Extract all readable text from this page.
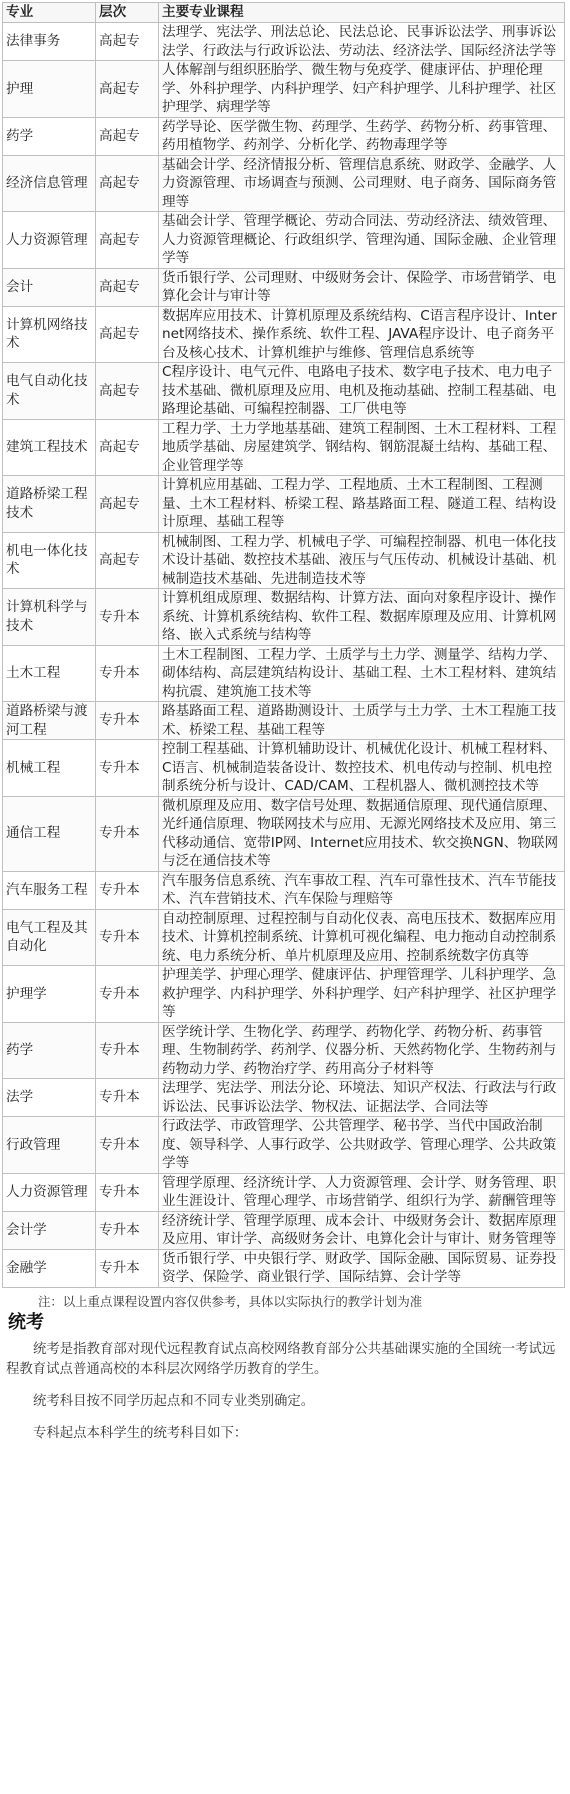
专业	层次	主要专业课程
法律事务	高起专	法理学、宪法学、刑法总论、民法总论、民事诉讼法学、刑事诉讼法学、行政法与行政诉讼法、劳动法、经济法学、国际经济法学等
护理	高起专	人体解剖与组织胚胎学、微生物与免疫学、健康评估、护理伦理学、外科护理学、内科护理学、妇产科护理学、儿科护理学、社区护理学、病理学等
药学	高起专	药学导论、医学微生物、药理学、生药学、药物分析、药事管理、药用植物学、药剂学、分析化学、药物毒理学等
经济信息管理	高起专	基础会计学、经济情报分析、管理信息系统、财政学、金融学、人力资源管理、市场调查与预测、公司理财、电子商务、国际商务管理等
人力资源管理	高起专	基础会计学、管理学概论、劳动合同法、劳动经济法、绩效管理、人力资源管理概论、行政组织学、管理沟通、国际金融、企业管理学等
会计	高起专	货币银行学、公司理财、中级财务会计、保险学、市场营销学、电算化会计与审计等
计算机网络技术	高起专	数据库应用技术、计算机原理及系统结构、C语言程序设计、Internet网络技术、操作系统、软件工程、JAVA程序设计、电子商务平台及核心技术、计算机维护与维修、管理信息系统等
电气自动化技术	高起专	C程序设计、电气元件、电路电子技术、数字电子技术、电力电子技术基础、微机原理及应用、电机及拖动基础、控制工程基础、电路理论基础、可编程控制器、工厂供电等
建筑工程技术	高起专	工程力学、土力学地基基础、建筑工程制图、土木工程材料、工程地质学基础、房屋建筑学、钢结构、钢筋混凝土结构、基础工程、企业管理学等
道路桥梁工程技术	高起专	计算机应用基础、工程力学、工程地质、土木工程制图、工程测量、土木工程材料、桥梁工程、路基路面工程、隧道工程、结构设计原理、基础工程等
机电一体化技术	高起专	机械制图、工程力学、机械电子学、可编程控制器、机电一体化技术设计基础、数控技术基础、液压与气压传动、机械设计基础、机械制造技术基础、先进制造技术等
计算机科学与技术	专升本	计算机组成原理、数据结构、计算方法、面向对象程序设计、操作系统、计算机系统结构、软件工程、数据库原理及应用、计算机网络、嵌入式系统与结构等
土木工程	专升本	土木工程制图、工程力学、土质学与土力学、测量学、结构力学、砌体结构、高层建筑结构设计、基础工程、土木工程材料、建筑结构抗震、建筑施工技术等
道路桥梁与渡河工程	专升本	路基路面工程、道路勘测设计、土质学与土力学、土木工程施工技术、桥梁工程、基础工程等
机械工程	专升本	控制工程基础、计算机辅助设计、机械优化设计、机械工程材料、C语言、机械制造装备设计、数控技术、机电传动与控制、机电控制系统分析与设计、CAD/CAM、工程机器人、微机测控技术等
通信工程	专升本	微机原理及应用、数字信号处理、数据通信原理、现代通信原理、光纤通信原理、物联网技术与应用、无源光网络技术及应用、第三代移动通信、宽带IP网、Internet应用技术、软交换NGN、物联网与泛在通信技术等
汽车服务工程	专升本	汽车服务信息系统、汽车事故工程、汽车可靠性技术、汽车节能技术、汽车营销技术、汽车保险与理赔等
电气工程及其自动化	专升本	自动控制原理、过程控制与自动化仪表、高电压技术、数据库应用技术、计算机控制系统、计算机可视化编程、电力拖动自动控制系统、电力系统分析、单片机原理及应用、控制系统数字仿真等
护理学	专升本	护理美学、护理心理学、健康评估、护理管理学、儿科护理学、急救护理学、内科护理学、外科护理学、妇产科护理学、社区护理学等
药学	专升本	医学统计学、生物化学、药理学、药物化学、药物分析、药事管理、生物制药学、药剂学、仪器分析、天然药物化学、生物药剂与药物动力学、药物治疗学、药用高分子材料等
法学	专升本	法理学、宪法学、刑法分论、环境法、知识产权法、行政法与行政诉讼法、民事诉讼法学、物权法、证据法学、合同法等
行政管理	专升本	行政法学、市政管理学、公共管理学、秘书学、当代中国政治制度、领导科学、人事行政学、公共财政学、管理心理学、公共政策学等
人力资源管理	专升本	管理学原理、经济统计学、人力资源管理、会计学、财务管理、职业生涯设计、管理心理学、市场营销学、组织行为学、薪酬管理等
会计学	专升本	经济统计学、管理学原理、成本会计、中级财务会计、数据库原理及应用、审计学、高级财务会计、电算化会计与审计、财务管理等
金融学	专升本	货币银行学、中央银行学、财政学、国际金融、国际贸易、证券投资学、保险学、商业银行学、国际结算、会计学等
注：以上重点课程设置内容仅供参考，具体以实际执行的教学计划为准
统考

统考是指教育部对现代远程教育试点高校网络教育部分公共基础课实施的全国统一考试远程教育试点普通高校的本科层次网络学历教育的学生。

统考科目按不同学历起点和不同专业类别确定。

专科起点本科学生的统考科目如下：
